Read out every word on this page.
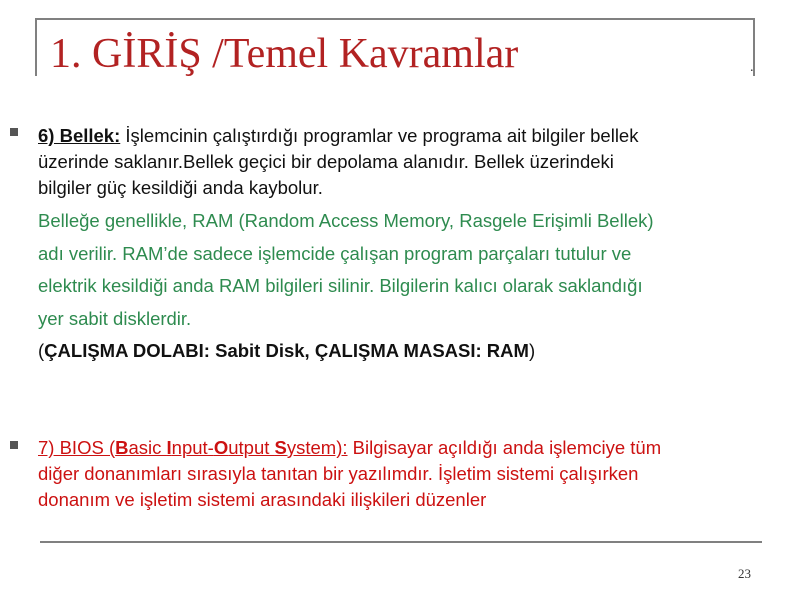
1. GİRİŞ /Temel Kavramlar	.
6) Bellek: İşlemcinin çalıştırdığı programlar ve programa ait bilgiler bellek
üzerinde saklanır.Bellek geçici bir depolama alanıdır. Bellek üzerindeki
bilgiler güç kesildiği anda kaybolur.
Belleğe genellikle, RAM (Random Access Memory, Rasgele Erişimli Bellek)
adı verilir. RAM’de sadece işlemcide çalışan program parçaları tutulur ve
elektrik kesildiği anda RAM bilgileri silinir. Bilgilerin kalıcı olarak saklandığı
yer sabit disklerdir.
(ÇALIŞMA DOLABI: Sabit Disk, ÇALIŞMA MASASI: RAM)
7) BIOS (Basic Input-Output System): Bilgisayar açıldığı anda işlemciye tüm
diğer donanımları sırasıyla tanıtan bir yazılımdır. İşletim sistemi çalışırken
donanım ve işletim sistemi arasındaki ilişkileri düzenler
23
